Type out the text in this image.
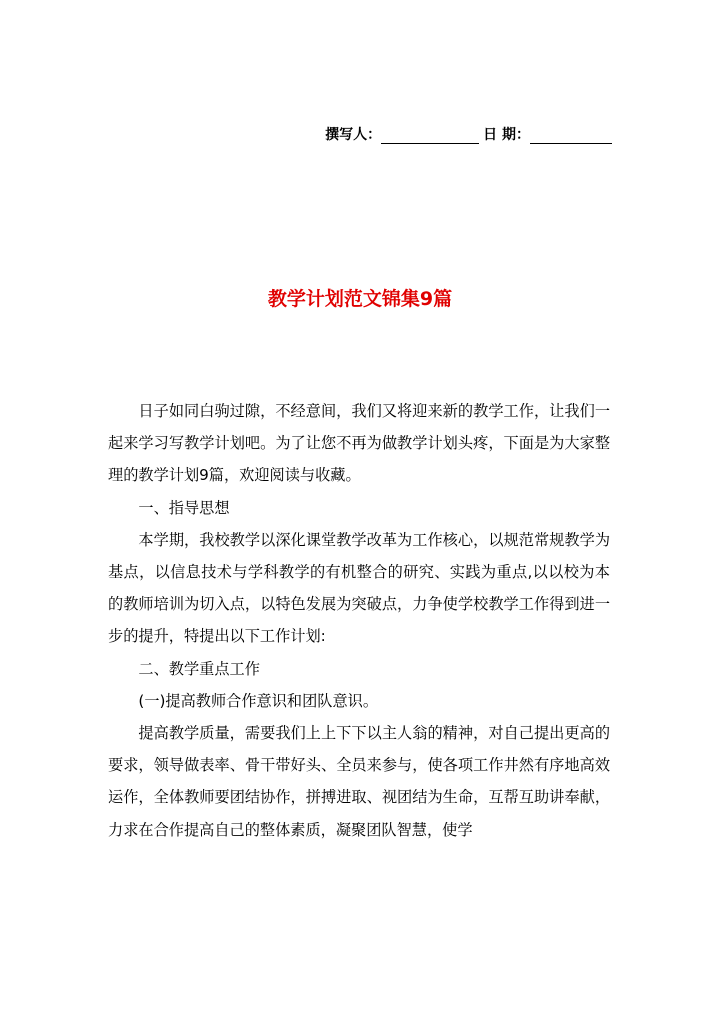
撰写人：	日 期：
教学计划范文锦集9篇

日子如同白驹过隙，不经意间，我们又将迎来新的教学工作，让我们一起来学习写教学计划吧。为了让您不再为做教学计划头疼，下面是为大家整理的教学计划9篇，欢迎阅读与收藏。

一、指导思想

本学期，我校教学以深化课堂教学改革为工作核心，以规范常规教学为基点，以信息技术与学科教学的有机整合的研究、实践为重点,以以校为本的教师培训为切入点，以特色发展为突破点，力争使学校教学工作得到进一步的提升，特提出以下工作计划:

二、教学重点工作

(一)提高教师合作意识和团队意识。

提高教学质量，需要我们上上下下以主人翁的精神，对自己提出更高的要求，领导做表率、骨干带好头、全员来参与，使各项工作井然有序地高效运作，全体教师要团结协作，拼搏进取、视团结为生命，互帮互助讲奉献，力求在合作提高自己的整体素质，凝聚团队智慧，使学
